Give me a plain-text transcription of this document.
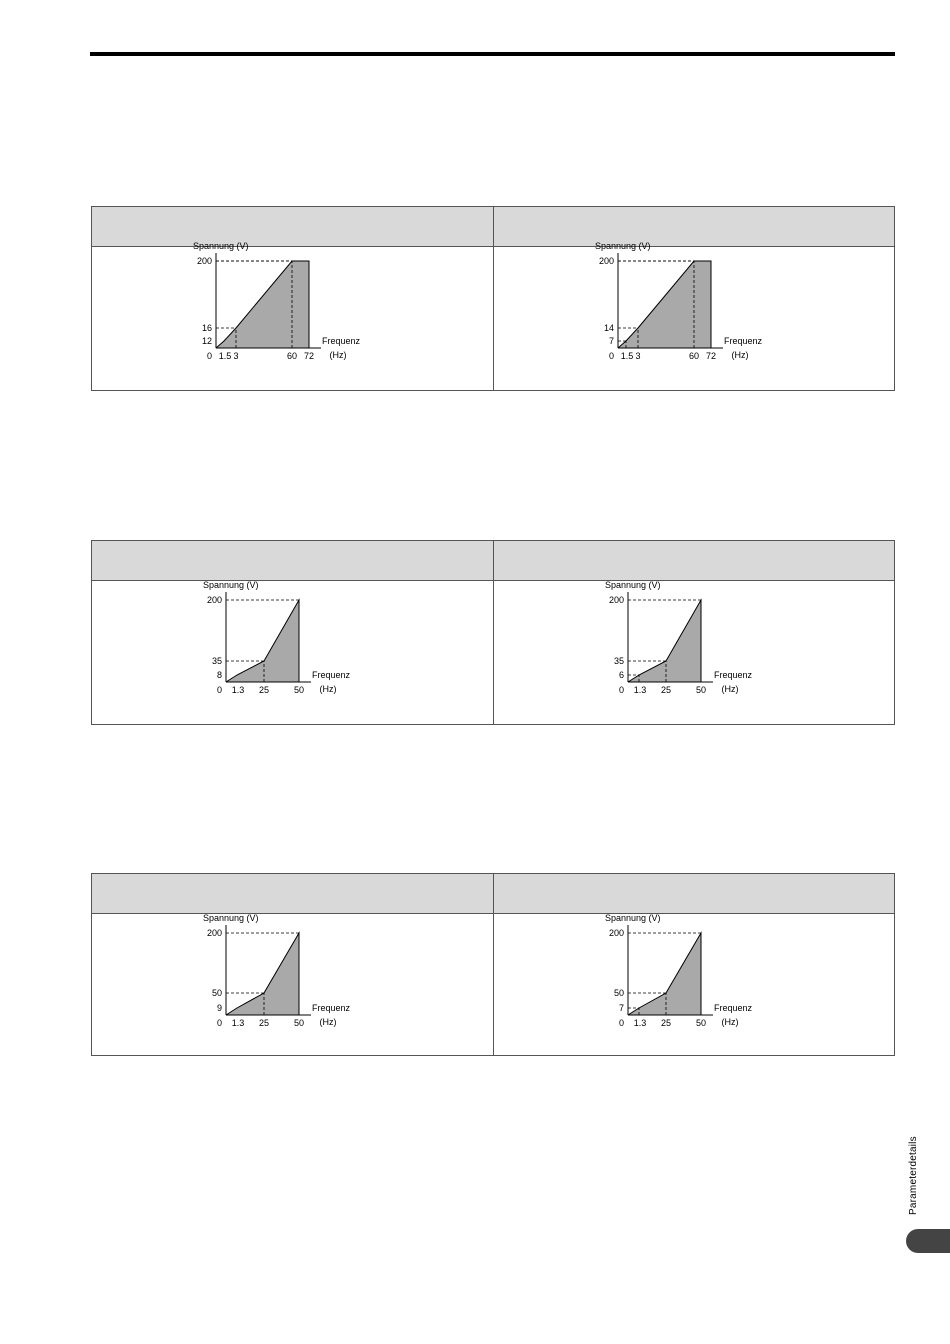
Spannung (V)
Frequenz
(Hz)
12
16
200
0 1.5 3	60 72
Spannung (V)
Frequenz
(Hz)
7
14
200
0 1.5 3	60 72
Spannung (V)
Frequenz
(Hz)
8
35
200
0 1.3 25	50
Spannung (V)
Frequenz
(Hz)
6
35
200
0 1.3 25	50
Spannung (V)
Frequenz
(Hz)
9
50
200
0 1.3 25	50
Spannung (V)
Frequenz
(Hz)
7
50
200
0 1.3 25	50
Parameterdetails
